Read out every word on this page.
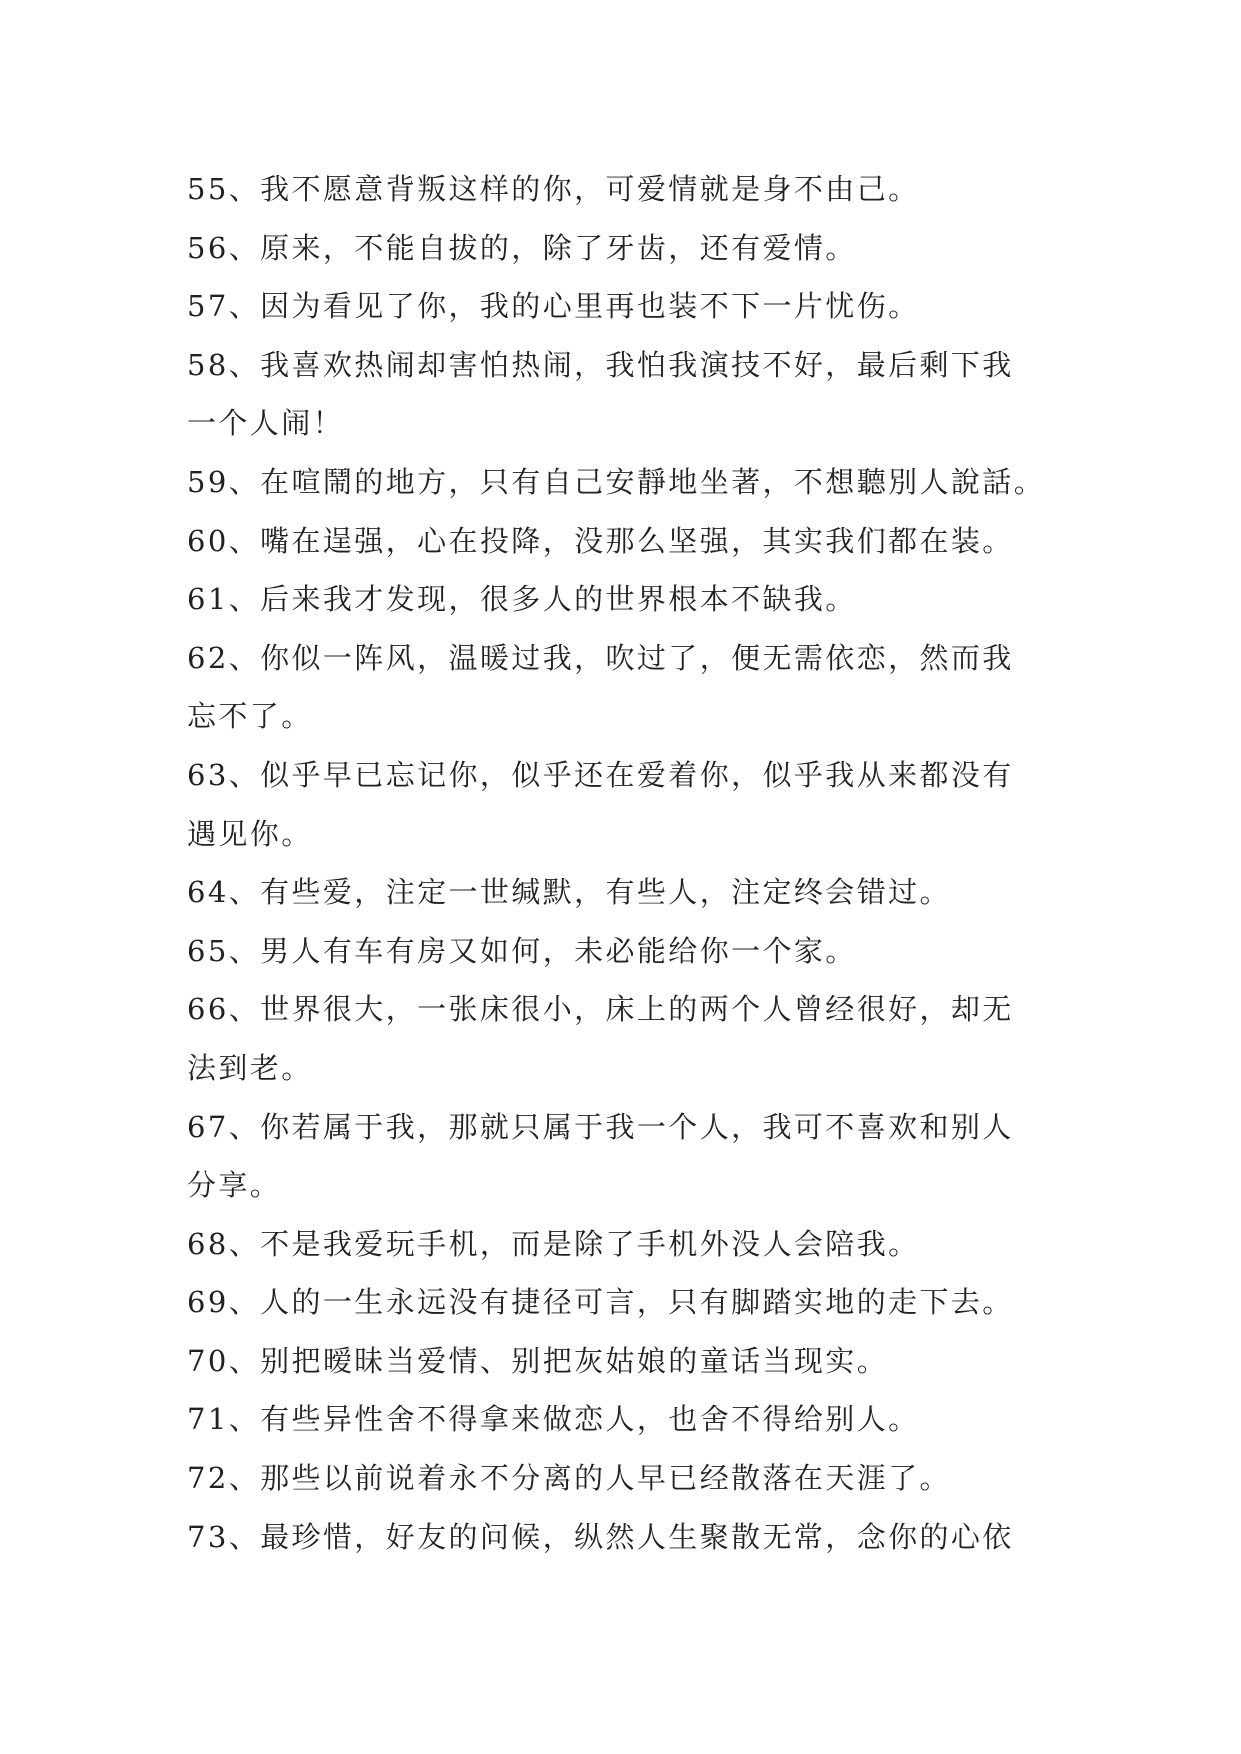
55、我不愿意背叛这样的你，可爱情就是身不由己。
56、原来，不能自拔的，除了牙齿，还有爱情。
57、因为看见了你，我的心里再也装不下一片忧伤。
58、我喜欢热闹却害怕热闹，我怕我演技不好，最后剩下我
一个人闹！
59、在喧鬧的地方，只有自己安靜地坐著，不想聽別人說話。
60、嘴在逞强，心在投降，没那么坚强，其实我们都在装。
61、后来我才发现，很多人的世界根本不缺我。
62、你似一阵风，温暖过我，吹过了，便无需依恋，然而我
忘不了。
63、似乎早已忘记你，似乎还在爱着你，似乎我从来都没有
遇见你。
64、有些爱，注定一世缄默，有些人，注定终会错过。
65、男人有车有房又如何，未必能给你一个家。
66、世界很大，一张床很小，床上的两个人曾经很好，却无
法到老。
67、你若属于我，那就只属于我一个人，我可不喜欢和别人
分享。
68、不是我爱玩手机，而是除了手机外没人会陪我。
69、人的一生永远没有捷径可言，只有脚踏实地的走下去。
70、别把暧昧当爱情、别把灰姑娘的童话当现实。
71、有些异性舍不得拿来做恋人，也舍不得给别人。
72、那些以前说着永不分离的人早已经散落在天涯了。
73、最珍惜，好友的问候，纵然人生聚散无常，念你的心依
